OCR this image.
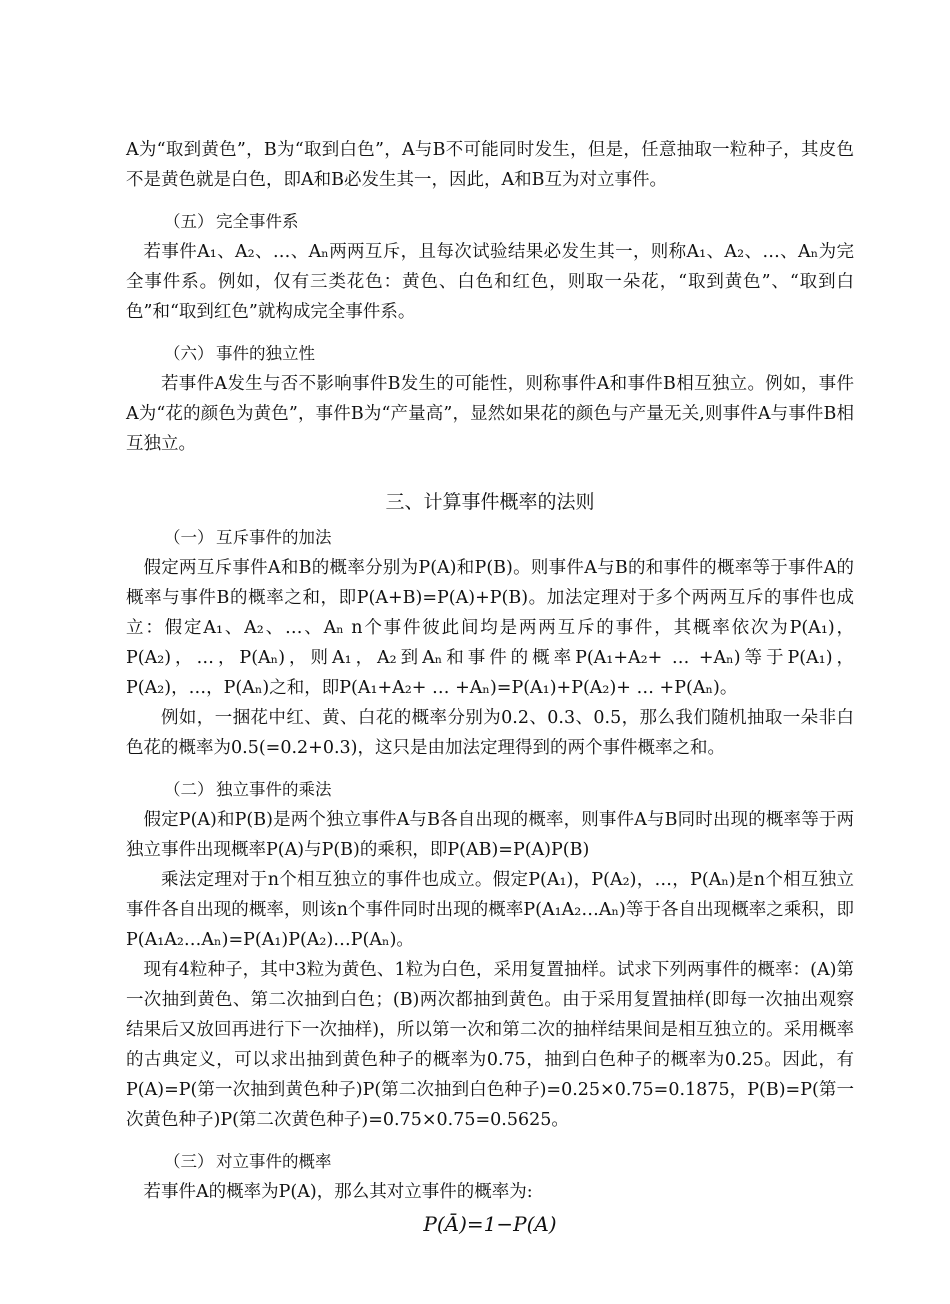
A为“取到黄色”，B为“取到白色”，A与B不可能同时发生，但是，任意抽取一粒种子，其皮色不是黄色就是白色，即A和B必发生其一，因此，A和B互为对立事件。

（五） 完全事件系

若事件A₁、A₂、…、Aₙ两两互斥，且每次试验结果必发生其一，则称A₁、A₂、…、Aₙ为完全事件系。例如，仅有三类花色：黄色、白色和红色，则取一朵花，“取到黄色”、“取到白色”和“取到红色”就构成完全事件系。

（六） 事件的独立性

若事件A发生与否不影响事件B发生的可能性，则称事件A和事件B相互独立。例如，事件A为“花的颜色为黄色”，事件B为“产量高”，显然如果花的颜色与产量无关,则事件A与事件B相互独立。

三、计算事件概率的法则
（一） 互斥事件的加法

假定两互斥事件A和B的概率分别为P(A)和P(B)。则事件A与B的和事件的概率等于事件A的概率与事件B的概率之和，即P(A+B)=P(A)+P(B)。加法定理对于多个两两互斥的事件也成立：假定A₁、A₂、…、Aₙ n个事件彼此间均是两两互斥的事件，其概率依次为P(A₁)，P(A₂)，…，P(Aₙ)，则A₁，A₂到Aₙ和事件的概率P(A₁+A₂+ … +Aₙ)等于P(A₁)，P(A₂)，…，P(Aₙ)之和，即P(A₁+A₂+ … +Aₙ)=P(A₁)+P(A₂)+ … +P(Aₙ)。

例如，一捆花中红、黄、白花的概率分别为0.2、0.3、0.5，那么我们随机抽取一朵非白色花的概率为0.5(=0.2+0.3)，这只是由加法定理得到的两个事件概率之和。

（二） 独立事件的乘法

假定P(A)和P(B)是两个独立事件A与B各自出现的概率，则事件A与B同时出现的概率等于两独立事件出现概率P(A)与P(B)的乘积，即P(AB)=P(A)P(B)

乘法定理对于n个相互独立的事件也成立。假定P(A₁)，P(A₂)，…，P(Aₙ)是n个相互独立事件各自出现的概率，则该n个事件同时出现的概率P(A₁A₂…Aₙ)等于各自出现概率之乘积，即P(A₁A₂…Aₙ)=P(A₁)P(A₂)…P(Aₙ)。

现有4粒种子，其中3粒为黄色、1粒为白色，采用复置抽样。试求下列两事件的概率：(A)第一次抽到黄色、第二次抽到白色；(B)两次都抽到黄色。由于采用复置抽样(即每一次抽出观察结果后又放回再进行下一次抽样)，所以第一次和第二次的抽样结果间是相互独立的。采用概率的古典定义，可以求出抽到黄色种子的概率为0.75，抽到白色种子的概率为0.25。因此，有P(A)=P(第一次抽到黄色种子)P(第二次抽到白色种子)=0.25×0.75=0.1875，P(B)=P(第一次黄色种子)P(第二次黄色种子)=0.75×0.75=0.5625。

（三） 对立事件的概率

若事件A的概率为P(A)，那么其对立事件的概率为:

P(Ā)=1−P(A)
